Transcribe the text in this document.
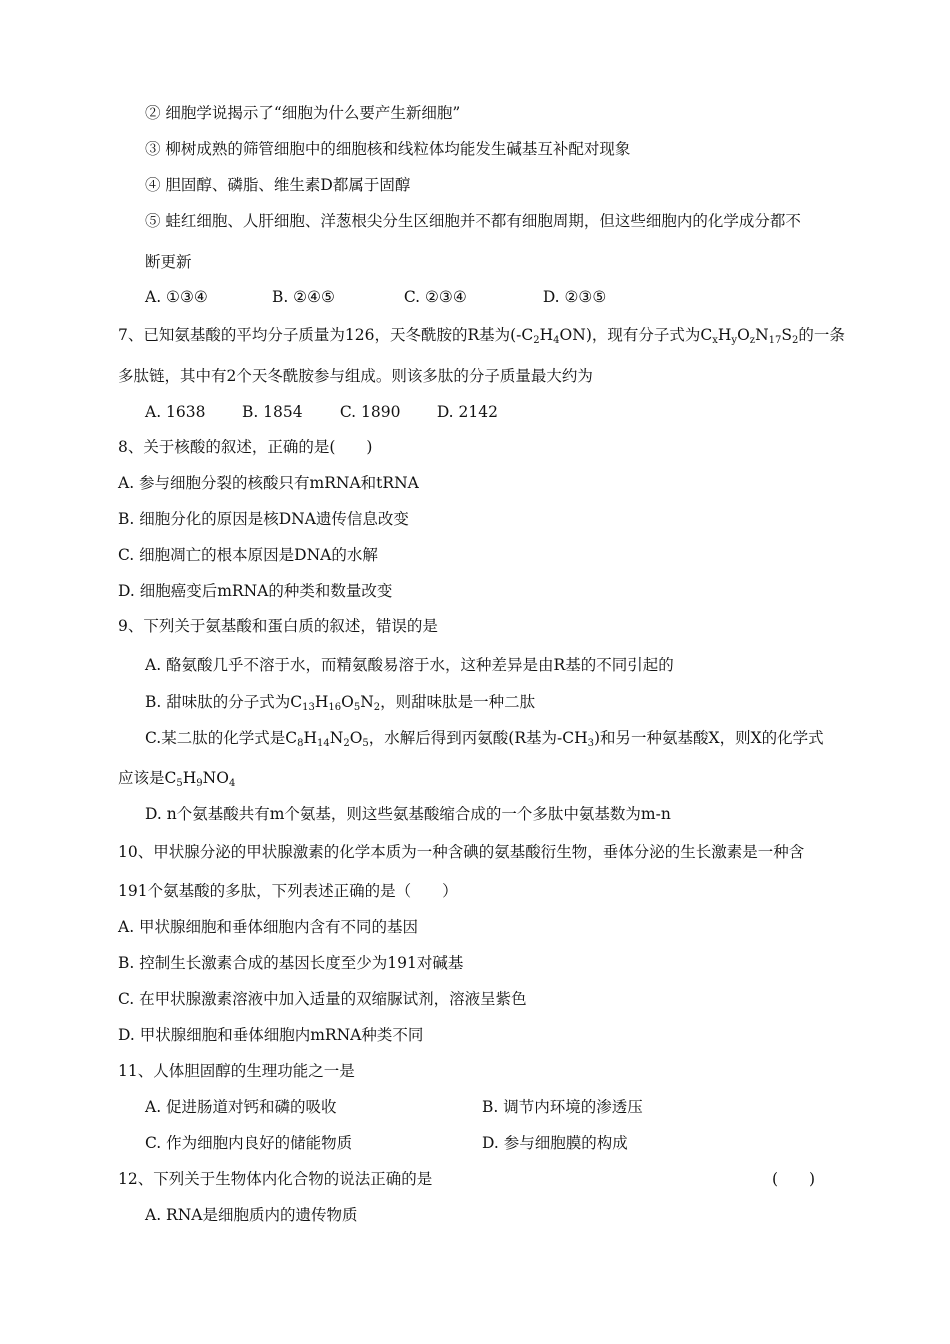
② 细胞学说揭示了“细胞为什么要产生新细胞”
③ 柳树成熟的筛管细胞中的细胞核和线粒体均能发生碱基互补配对现象
④ 胆固醇、磷脂、维生素D都属于固醇
⑤ 蛙红细胞、人肝细胞、洋葱根尖分生区细胞并不都有细胞周期，但这些细胞内的化学成分都不
断更新
A. ①③④	B. ②④⑤	C. ②③④	D. ②③⑤
7、已知氨基酸的平均分子质量为126，天冬酰胺的R基为$(-C_2H_4ON)$，现有分子式为$C_xH_yO_zN_{17}S_2$的一条
多肽链，其中有2个天冬酰胺参与组成。则该多肽的分子质量最大约为
A. 1638 B. 1854 C. 1890 D. 2142
8、关于核酸的叙述，正确的是(　　)
A. 参与细胞分裂的核酸只有mRNA和tRNA
B. 细胞分化的原因是核DNA遗传信息改变
C. 细胞凋亡的根本原因是DNA的水解
D. 细胞癌变后mRNA的种类和数量改变
9、下列关于氨基酸和蛋白质的叙述，错误 · ·的是
A. 酪氨酸几乎不溶于水，而精氨酸易溶于水，这种差异是由R基的不同引起的
B. 甜味肽的分子式为$C_{13}H_{16}O_5N_2$，则甜味肽是一种二肽
C.某二肽的化学式是$C_8H_{14}N_2O_5$，水解后得到丙氨酸(R基为$-CH_3$)和另一种氨基酸X，则X的化学式
应该是$C_5H_9NO_4$
D. n个氨基酸共有m个氨基，则这些氨基酸缩合成的一个多肽中氨基数为m-n
10、甲状腺分泌的甲状腺激素的化学本质为一种含碘的氨基酸衍生物，垂体分泌的生长激素是一种含
191个氨基酸的多肽，下列表述正确的是（　　）
A. 甲状腺细胞和垂体细胞内含有不同的基因
B. 控制生长激素合成的基因长度至少为191对碱基
C. 在甲状腺激素溶液中加入适量的双缩脲试剂，溶液呈紫色
D. 甲状腺细胞和垂体细胞内mRNA种类不同
11、人体胆固醇的生理功能之一是
A. 促进肠道对钙和磷的吸收	B. 调节内环境的渗透压
C. 作为细胞内良好的储能物质	D. 参与细胞膜的构成
12、下列关于生物体内化合物的说法正确的是	(　　)
A. RNA是细胞质内的遗传物质
